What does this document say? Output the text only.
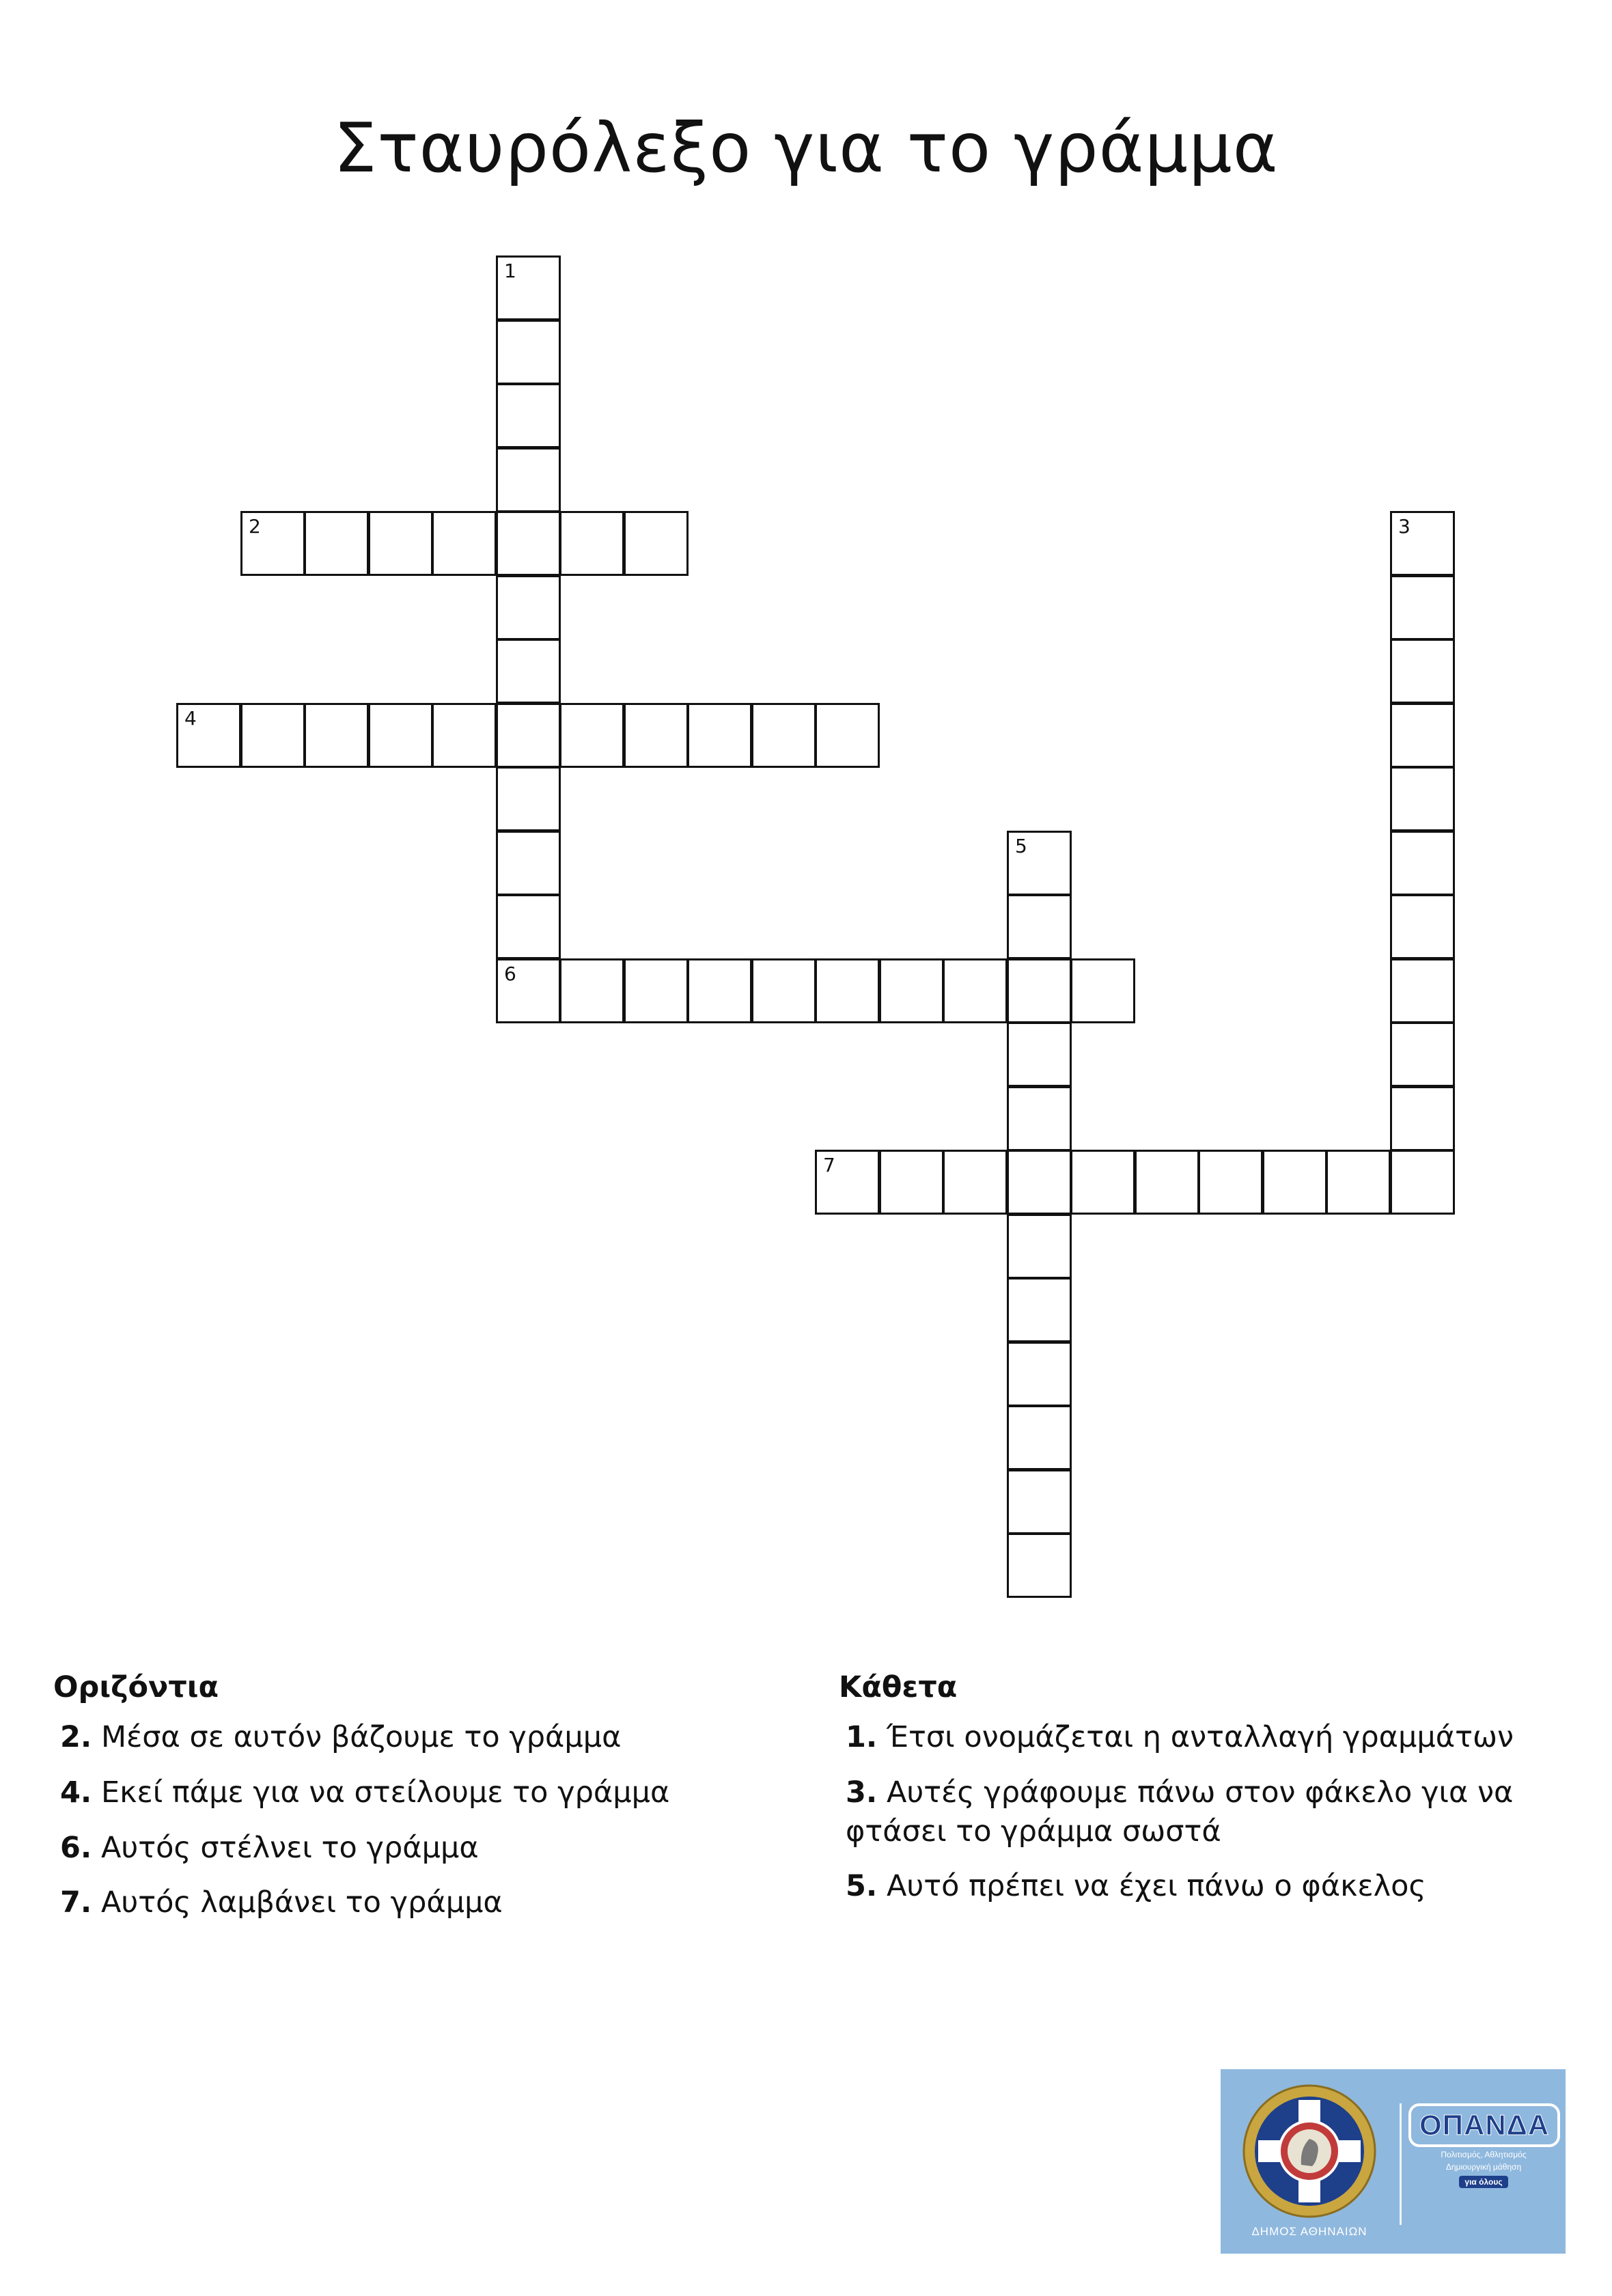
Σταυρόλεξο για το γράμμα
1
6
2	3
4
5
7
Οριζόντια
2. Μέσα σε αυτόν βάζουμε το γράμμα
4. Εκεί πάμε για να στείλουμε το γράμμα
6. Αυτός στέλνει το γράμμα
7. Αυτός λαμβάνει το γράμμα
Κάθετα
1. Έτσι ονομάζεται η ανταλλαγή γραμμάτων
3. Αυτές γράφουμε πάνω στον φάκελο για να φτάσει το γράμμα σωστά
5. Αυτό πρέπει να έχει πάνω ο φάκελος
ΔΗΜΟΣ ΑΘΗΝΑΙΩΝ
ΟΠΑΝΔΑ
Πολιτισμός, Αθλητισμός
Δημιουργική μάθηση
για όλους
